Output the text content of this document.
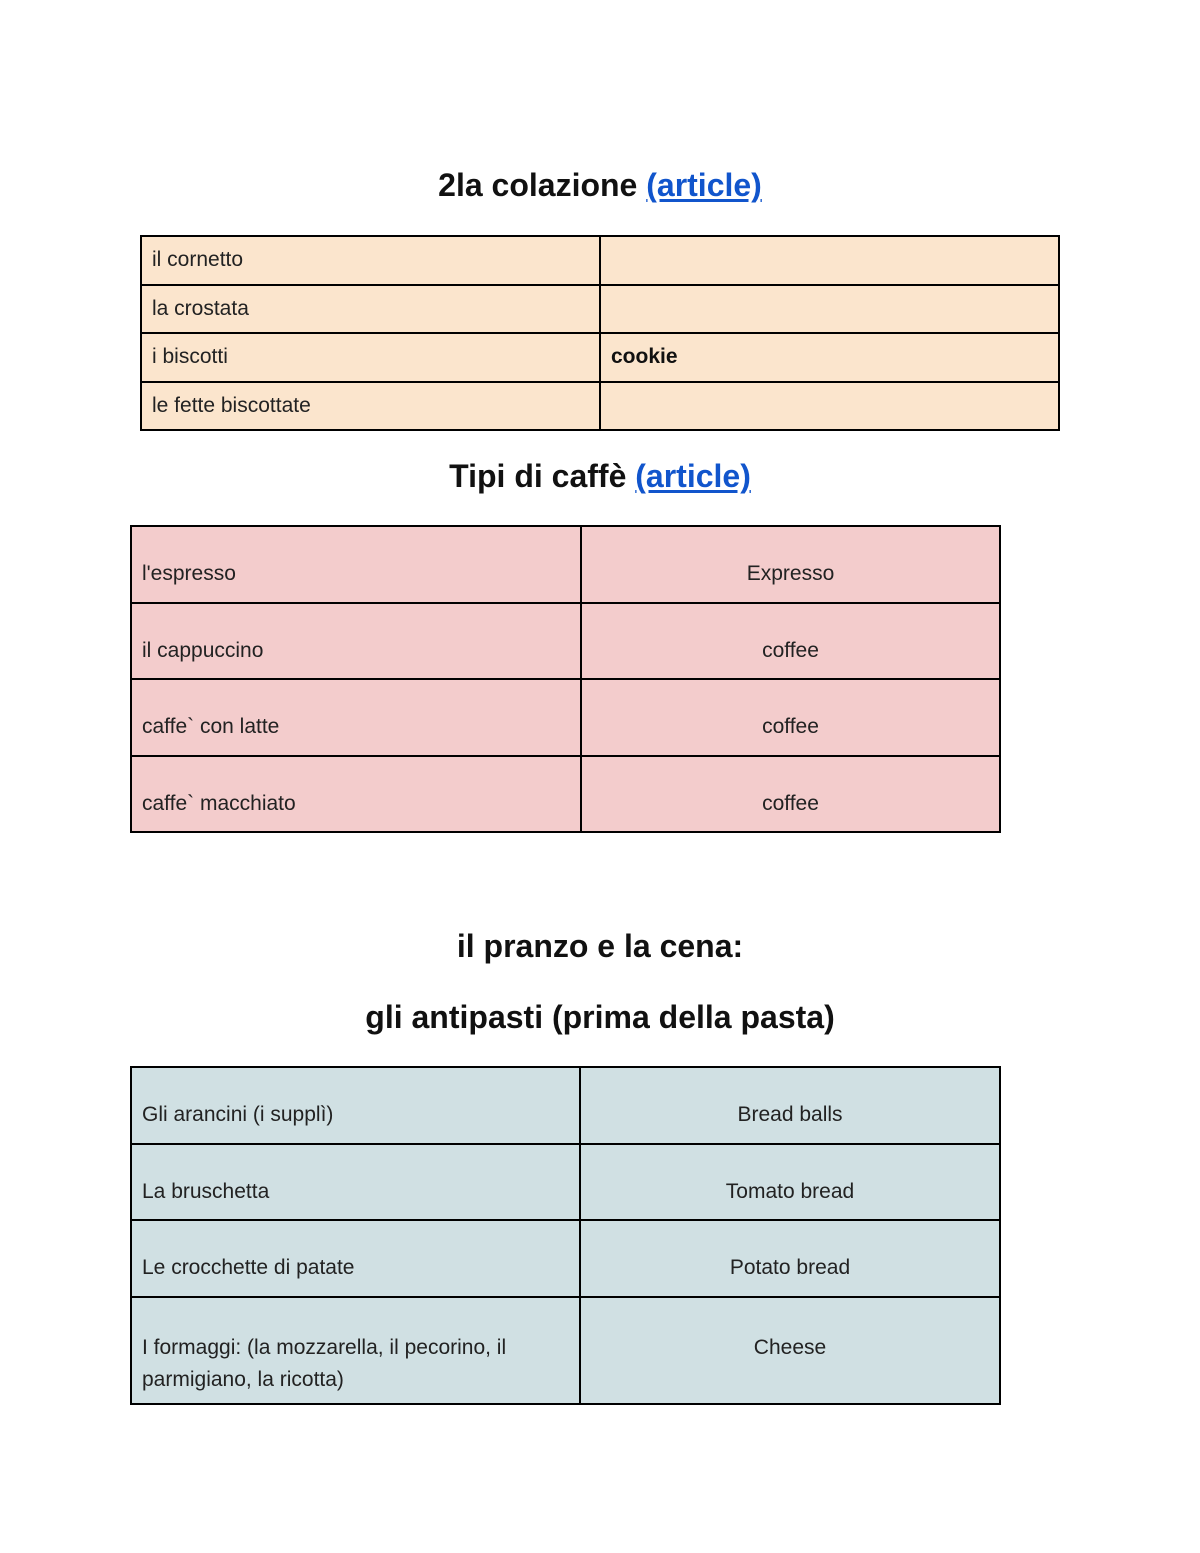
2la colazione (article)
il cornetto	
la crostata	
i biscotti	cookie
le fette biscottate	
Tipi di caffè (article)
l'espresso	Expresso
il cappuccino	coffee
caffe` con latte	coffee
caffe` macchiato	coffee
il pranzo e la cena:
gli antipasti (prima della pasta)
Gli arancini (i supplì)	Bread balls
La bruschetta	Tomato bread
Le crocchette di patate	Potato bread
I formaggi: (la mozzarella, il pecorino, il parmigiano, la ricotta)	Cheese
